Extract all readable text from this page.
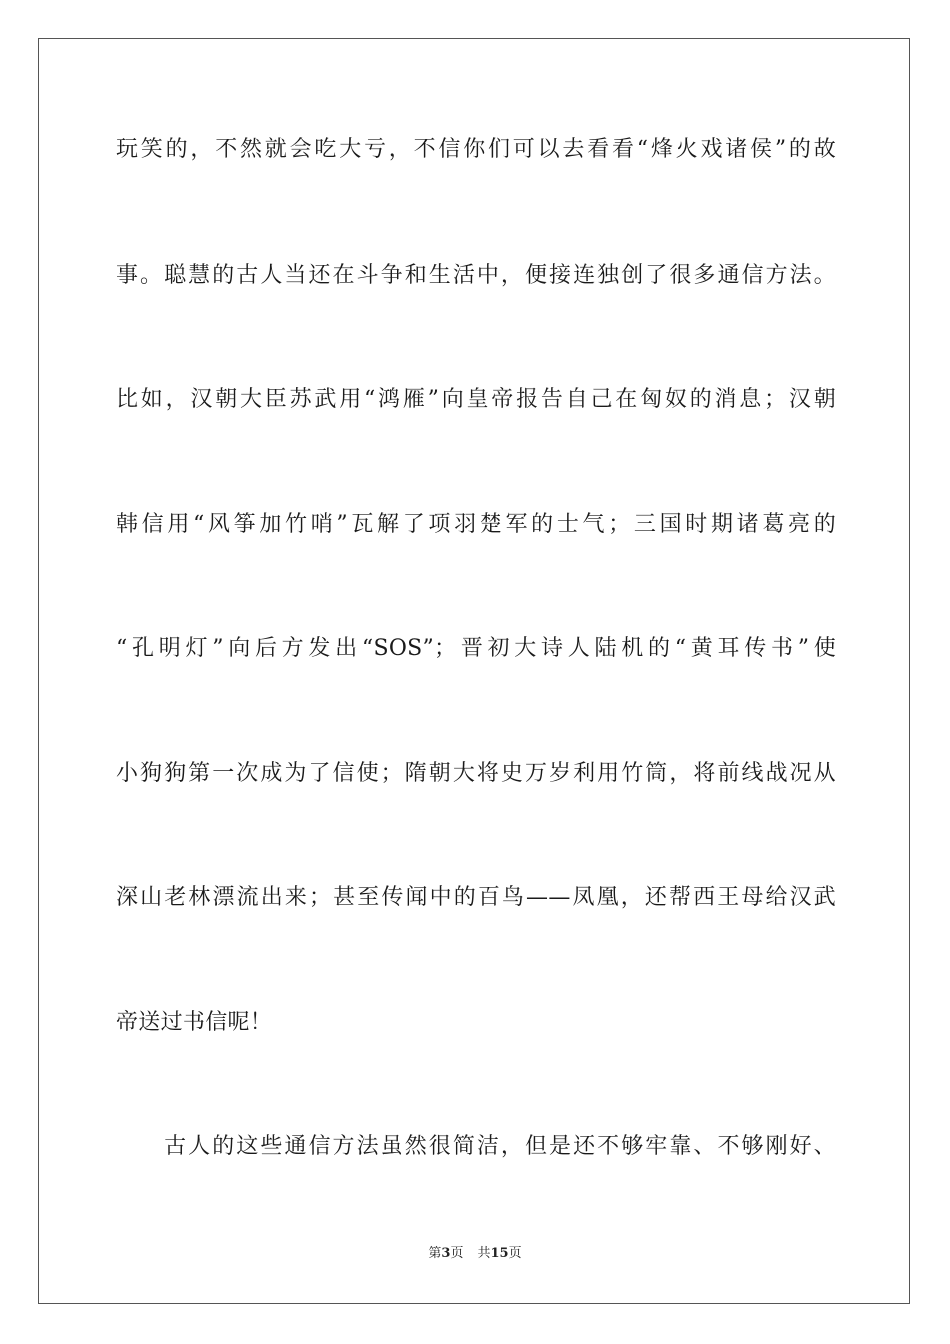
玩笑的，不然就会吃大亏，不信你们可以去看看“烽火戏诸侯”的故
事。聪慧的古人当还在斗争和生活中，便接连独创了很多通信方法。
比如，汉朝大臣苏武用“鸿雁”向皇帝报告自己在匈奴的消息；汉朝
韩信用“风筝加竹哨”瓦解了项羽楚军的士气；三国时期诸葛亮的
“孔明灯”向后方发出“SOS”；晋初大诗人陆机的“黄耳传书”使
小狗狗第一次成为了信使；隋朝大将史万岁利用竹筒，将前线战况从
深山老林漂流出来；甚至传闻中的百鸟——凤凰，还帮西王母给汉武
帝送过书信呢！
　　古人的这些通信方法虽然很简洁，但是还不够牢靠、不够刚好、
第3页 共15页
